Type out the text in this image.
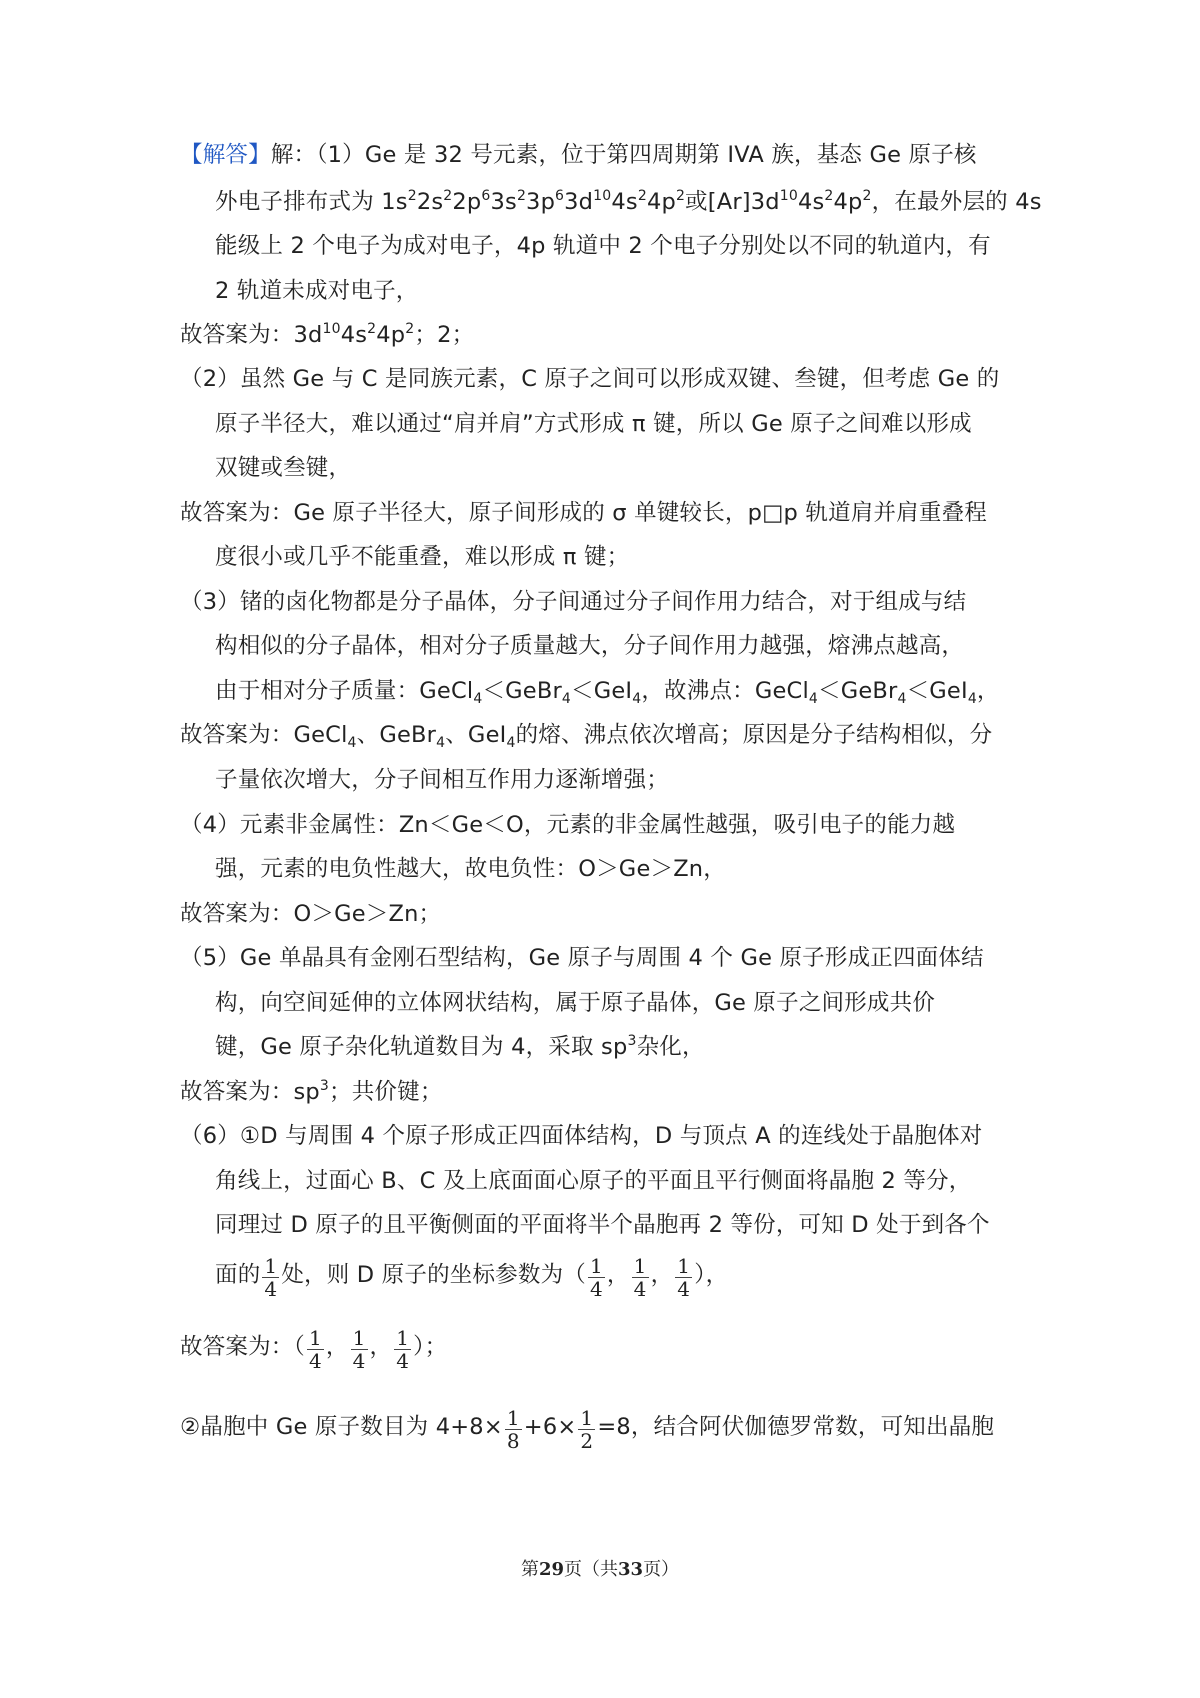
【解答】解：（1）Ge 是 32 号元素，位于第四周期第 IVA 族，基态 Ge 原子核
外电子排布式为 $1s^22s^22p^63s^23p^63d^{10}4s^24p^2$或$[Ar]3d^{10}4s^24p^2$，在最外层的 4s
能级上 2 个电子为成对电子，4p 轨道中 2 个电子分别处以不同的轨道内，有
2 轨道未成对电子，
故答案为：$3d^{10}4s^24p^2$；2；
（2）虽然 Ge 与 C 是同族元素，C 原子之间可以形成双键、叁键，但考虑 Ge 的
原子半径大，难以通过“肩并肩”方式形成 π 键，所以 Ge 原子之间难以形成
双键或叁键，
故答案为：Ge 原子半径大，原子间形成的 σ 单键较长，p□p 轨道肩并肩重叠程
度很小或几乎不能重叠，难以形成 π 键；
（3）锗的卤化物都是分子晶体，分子间通过分子间作用力结合，对于组成与结
构相似的分子晶体，相对分子质量越大，分子间作用力越强，熔沸点越高，
由于相对分子质量：GeCl$_4$＜GeBr$_4$＜GeI$_4$，故沸点：GeCl$_4$＜GeBr$_4$＜GeI$_4$，
故答案为：GeCl$_4$、GeBr$_4$、GeI$_4$的熔、沸点依次增高；原因是分子结构相似，分
子量依次增大，分子间相互作用力逐渐增强；
（4）元素非金属性：Zn＜Ge＜O，元素的非金属性越强，吸引电子的能力越
强，元素的电负性越大，故电负性：O＞Ge＞Zn，
故答案为：O＞Ge＞Zn；
（5）Ge 单晶具有金刚石型结构，Ge 原子与周围 4 个 Ge 原子形成正四面体结
构，向空间延伸的立体网状结构，属于原子晶体，Ge 原子之间形成共价
键，Ge 原子杂化轨道数目为 4，采取 $sp^3$杂化，
故答案为：$sp^3$；共价键；
（6）①D 与周围 4 个原子形成正四面体结构，D 与顶点 A 的连线处于晶胞体对
角线上，过面心 B、C 及上底面面心原子的平面且平行侧面将晶胞 2 等分，
同理过 D 原子的且平衡侧面的平面将半个晶胞再 2 等份，可知 D 处于到各个
面的 $\frac{1}{4}$ 处，则 D 原子的坐标参数为（ $\frac{1}{4}$ ， $\frac{1}{4}$ ， $\frac{1}{4}$ ），
故答案为：（ $\frac{1}{4}$ ， $\frac{1}{4}$ ， $\frac{1}{4}$ ）；
②晶胞中 Ge 原子数目为 $4+8\times \frac{1}{8} +6\times \frac{1}{2} =8$，结合阿伏伽德罗常数，可知出晶胞
第29页（共33页）
